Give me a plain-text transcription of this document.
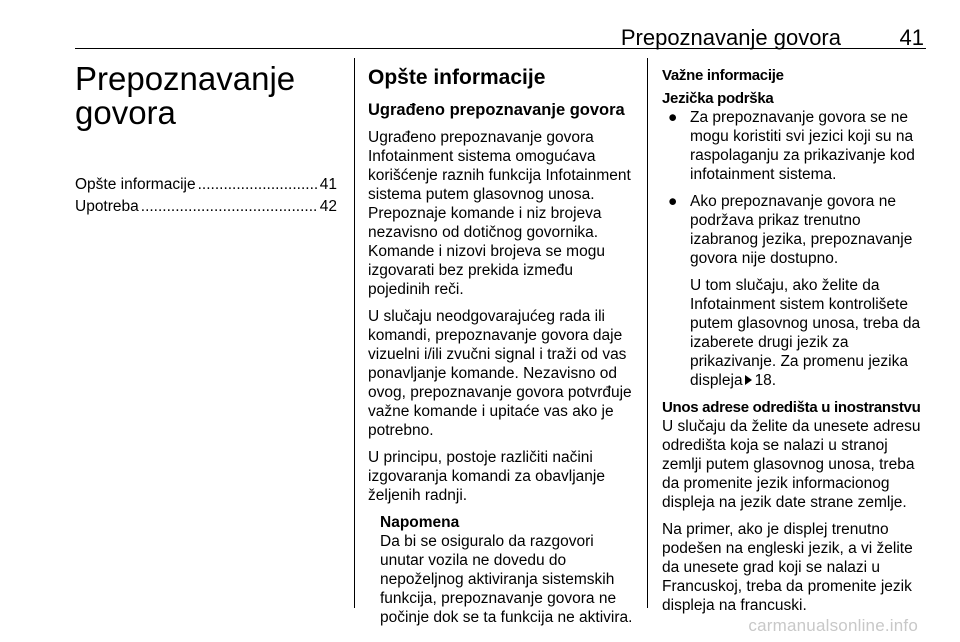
Prepoznavanje govora	41
Prepoznavanje govora
Opšte informacije .....	41
Upotreba .....	42
Opšte informacije
Ugrađeno prepoznavanje govora

Ugrađeno prepoznavanje govora Infotainment sistema omogućava korišćenje raznih funkcija Infotainment sistema putem glasovnog unosa. Prepoznaje komande i niz brojeva nezavisno od dotičnog govornika. Komande i nizovi brojeva se mogu izgovarati bez prekida između pojedinih reči.

U slučaju neodgovarajućeg rada ili komandi, prepoznavanje govora daje vizuelni i/ili zvučni signal i traži od vas ponavljanje komande. Nezavisno od ovog, prepoznavanje govora potvrđuje važne komande i upitaće vas ako je potrebno.

U principu, postoje različiti načini izgovaranja komandi za obavljanje željenih radnji.

Napomena

Da bi se osiguralo da razgovori unutar vozila ne dovedu do nepoželjnog aktiviranja sistemskih funkcija, prepoznavanje govora ne počinje dok se ta funkcija ne aktivira.

Važne informacije
Jezička podrška
● Za prepoznavanje govora se ne mogu koristiti svi jezici koji su na raspolaganju za prikazivanje kod infotainment sistema.

● Ako prepoznavanje govora ne podržava prikaz trenutno izabranog jezika, prepoznavanje govora nije dostupno.

U tom slučaju, ako želite da Infotainment sistem kontrolišete putem glasovnog unosa, treba da izaberete drugi jezik za prikazivanje. Za promenu jezika displeja 18.

Unos adrese odredišta u inostranstvu

U slučaju da želite da unesete adresu odredišta koja se nalazi u stranoj zemlji putem glasovnog unosa, treba da promenite jezik informacionog displeja na jezik date strane zemlje.

Na primer, ako je displej trenutno podešen na engleski jezik, a vi želite da unesete grad koji se nalazi u Francuskoj, treba da promenite jezik displeja na francuski.

carmanualsonline.info
